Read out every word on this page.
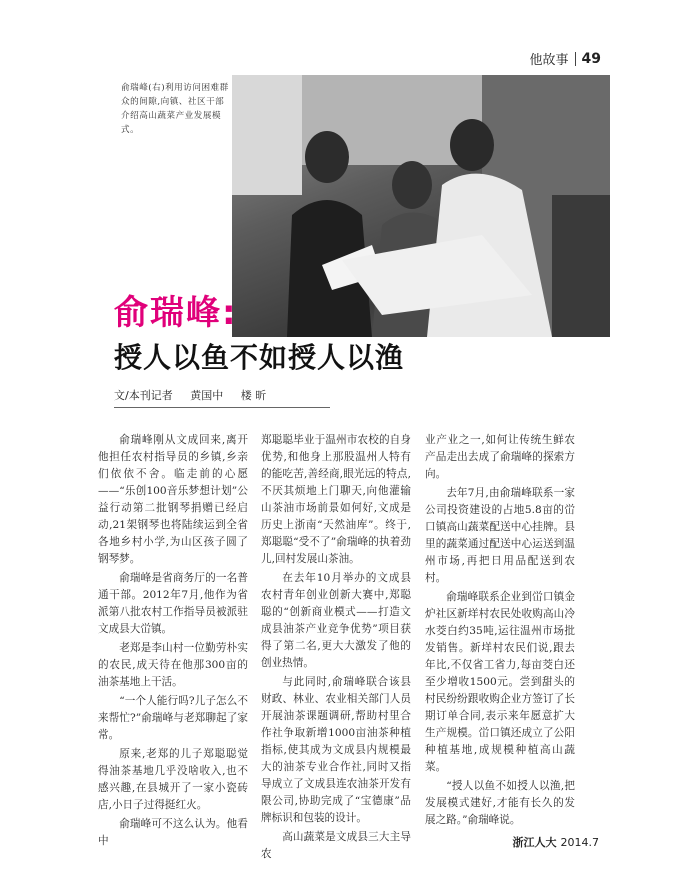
他故事 49
俞瑞峰(右)利用访问困难群众的间隙,向镇、社区干部介绍高山蔬菜产业发展模式。
俞瑞峰:
授人以鱼不如授人以渔
文/本刊记者 黄国中 楼 昕

俞瑞峰刚从文成回来,离开他担任农村指导员的乡镇,乡亲们依依不舍。临走前的心愿——“乐创100音乐梦想计划”公益行动第二批钢琴捐赠已经启动,21架钢琴也将陆续运到全省各地乡村小学,为山区孩子圆了钢琴梦。

俞瑞峰是省商务厅的一名普通干部。2012年7月,他作为省派第八批农村工作指导员被派驻文成县大峃镇。

老郑是李山村一位勤劳朴实的农民,成天待在他那300亩的油茶基地上干活。

“一个人能行吗?儿子怎么不来帮忙?”俞瑞峰与老郑聊起了家常。

原来,老郑的儿子郑聪聪觉得油茶基地几乎没啥收入,也不感兴趣,在县城开了一家小瓷砖店,小日子过得挺红火。

俞瑞峰可不这么认为。他看中

郑聪聪毕业于温州市农校的自身优势,和他身上那股温州人特有的能吃苦,善经商,眼光远的特点,不厌其烦地上门聊天,向他灌输山茶油市场前景如何好,文成是历史上浙南“天然油库”。终于,郑聪聪“受不了”俞瑞峰的执着劲儿,回村发展山茶油。

在去年10月举办的文成县农村青年创业创新大赛中,郑聪聪的“创新商业模式——打造文成县油茶产业竞争优势”项目获得了第二名,更大大激发了他的创业热情。

与此同时,俞瑞峰联合该县财政、林业、农业相关部门人员开展油茶课题调研,帮助村里合作社争取新增1000亩油茶种植指标,使其成为文成县内规模最大的油茶专业合作社,同时又指导成立了文成县连农油茶开发有限公司,协助完成了“宝德康”品牌标识和包装的设计。

高山蔬菜是文成县三大主导农

业产业之一,如何让传统生鲜农产品走出去成了俞瑞峰的探索方向。

去年7月,由俞瑞峰联系一家公司投资建设的占地5.8亩的峃口镇高山蔬菜配送中心挂牌。县里的蔬菜通过配送中心运送到温州市场,再把日用品配送到农村。

俞瑞峰联系企业到峃口镇金炉社区新垟村农民处收购高山冷水茭白约35吨,运往温州市场批发销售。新垟村农民们说,跟去年比,不仅省工省力,每亩茭白还至少增收1500元。尝到甜头的村民纷纷跟收购企业方签订了长期订单合同,表示来年愿意扩大生产规模。峃口镇还成立了公阳种植基地,成规模种植高山蔬菜。

“授人以鱼不如授人以渔,把发展模式建好,才能有长久的发展之路。”俞瑞峰说。

浙江人大 2014.7
